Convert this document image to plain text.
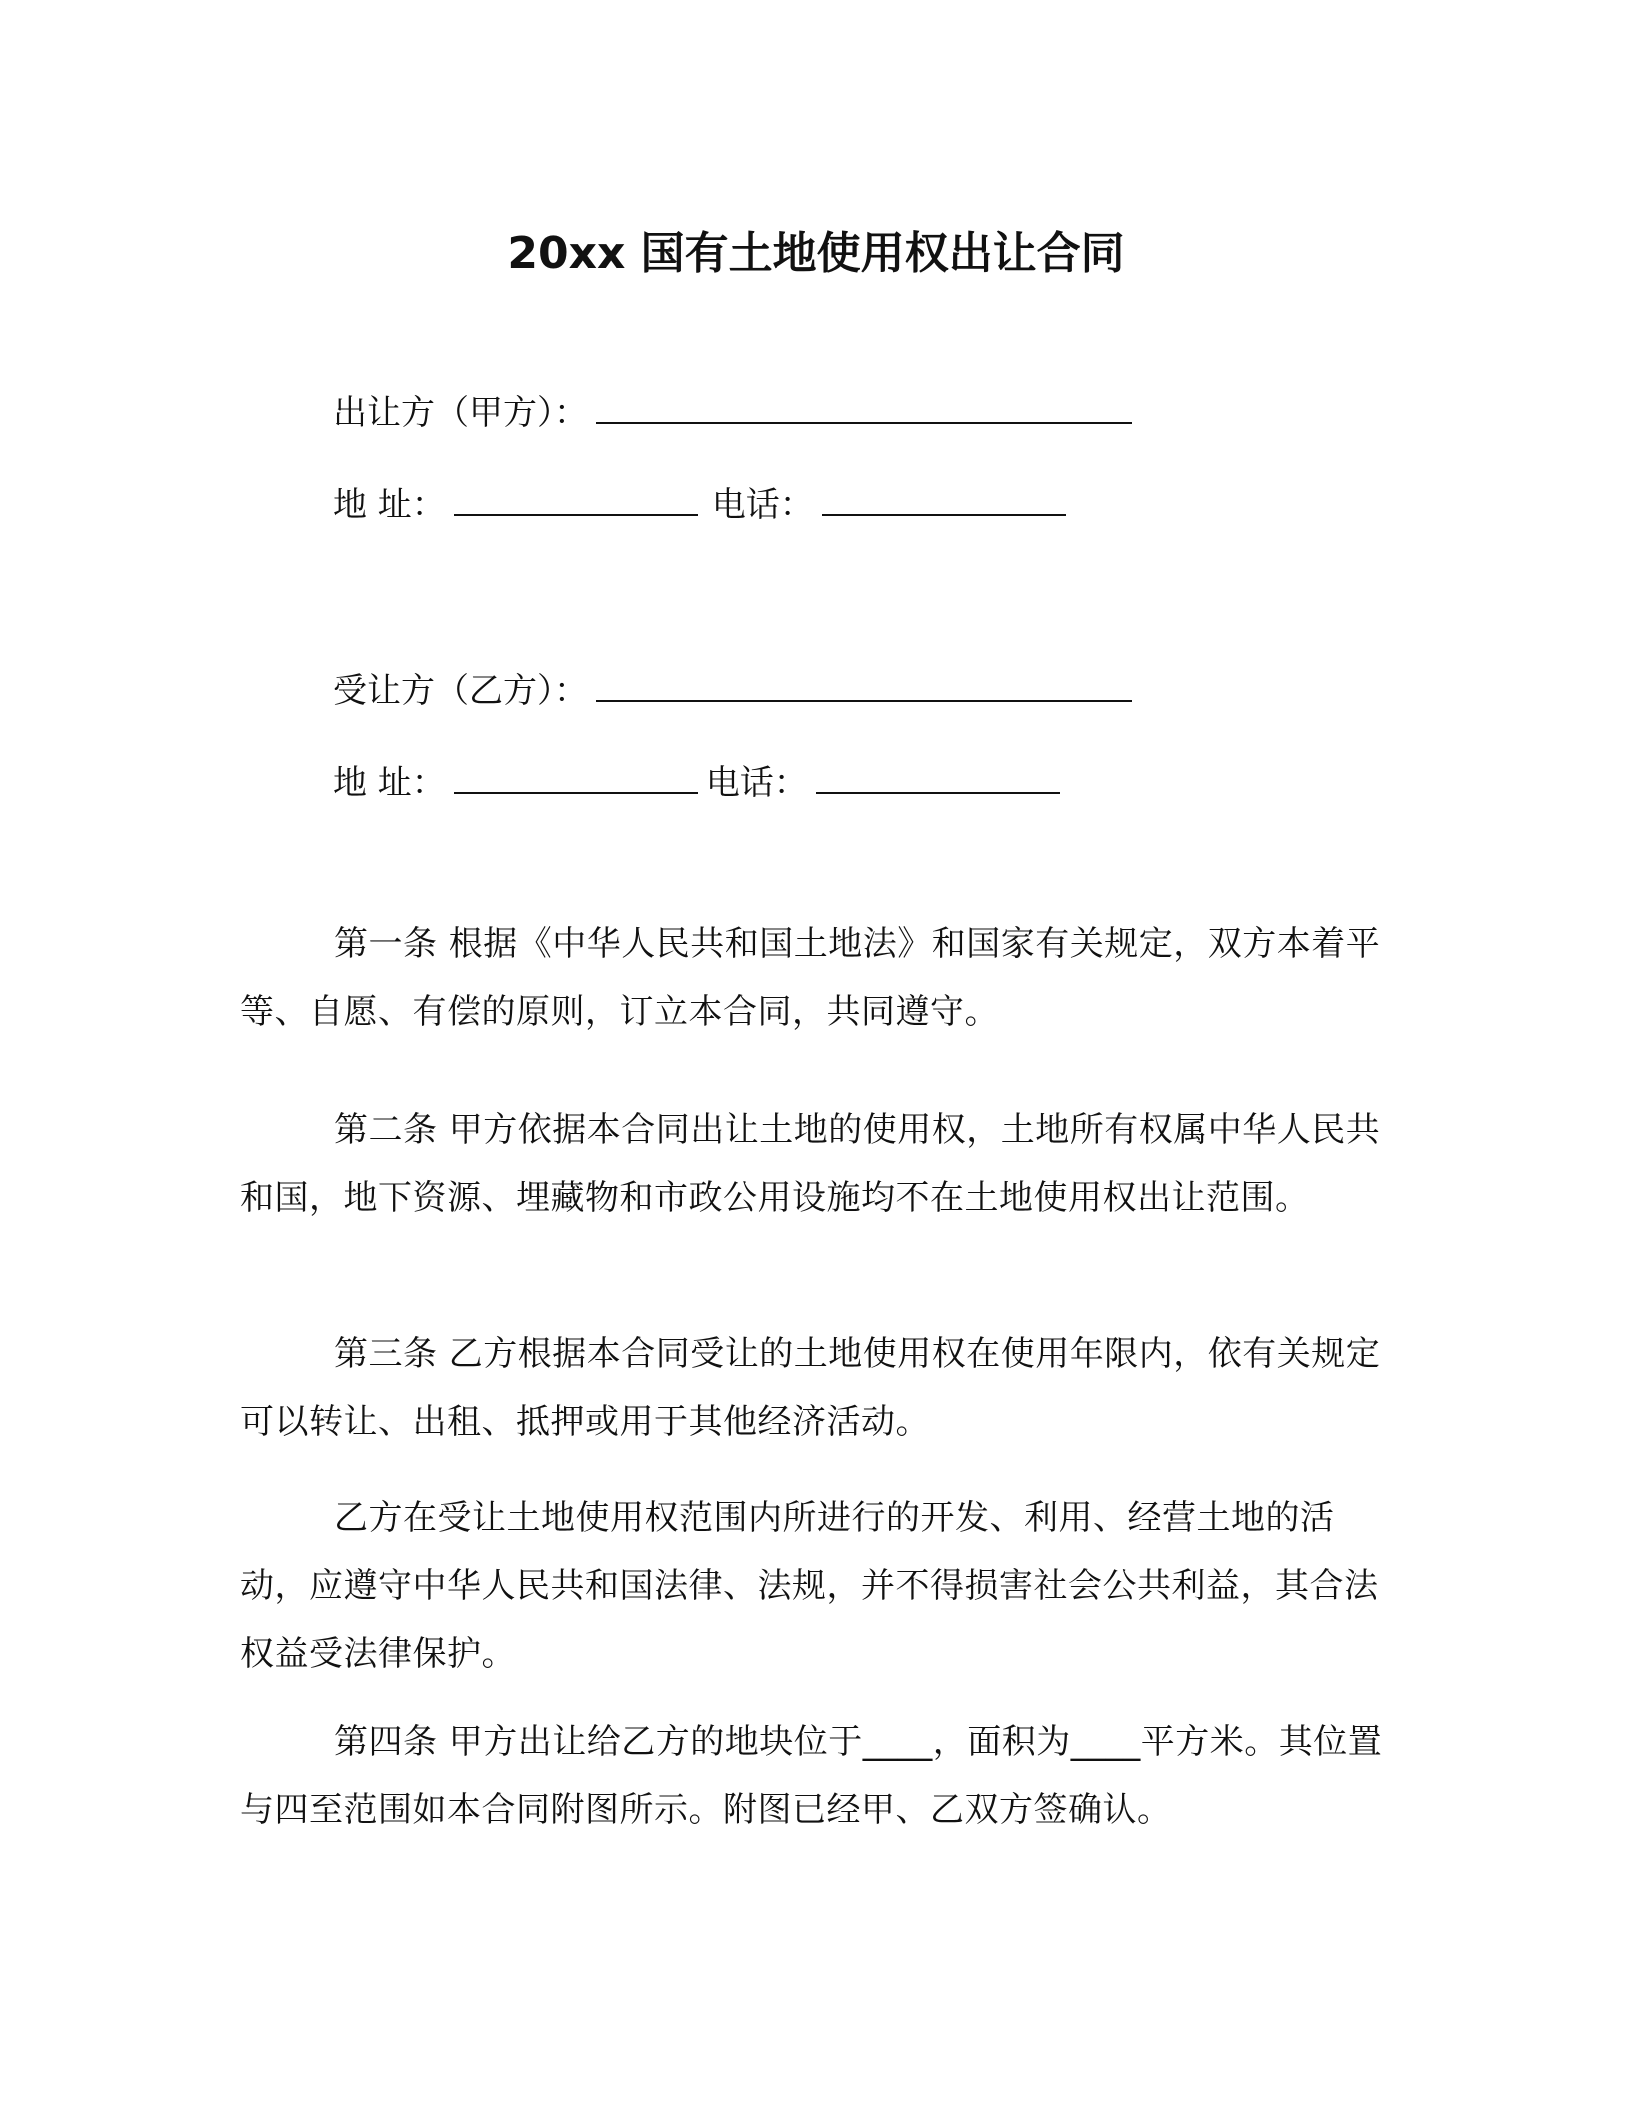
20xx 国有土地使用权出让合同
出让方（甲方）：
地 址：	电话：
受让方（乙方）：
地 址：	电话：

第一条 根据《中华人民共和国土地法》和国家有关规定，双方本着平等、自愿、有偿的原则，订立本合同，共同遵守。

第二条 甲方依据本合同出让土地的使用权，土地所有权属中华人民共和国，地下资源、埋藏物和市政公用设施均不在土地使用权出让范围。

第三条 乙方根据本合同受让的土地使用权在使用年限内，依有关规定可以转让、出租、抵押或用于其他经济活动。

乙方在受让土地使用权范围内所进行的开发、利用、经营土地的活动，应遵守中华人民共和国法律、法规，并不得损害社会公共利益，其合法权益受法律保护。

第四条 甲方出让给乙方的地块位于____，面积为____平方米。其位置与四至范围如本合同附图所示。附图已经甲、乙双方签确认。
